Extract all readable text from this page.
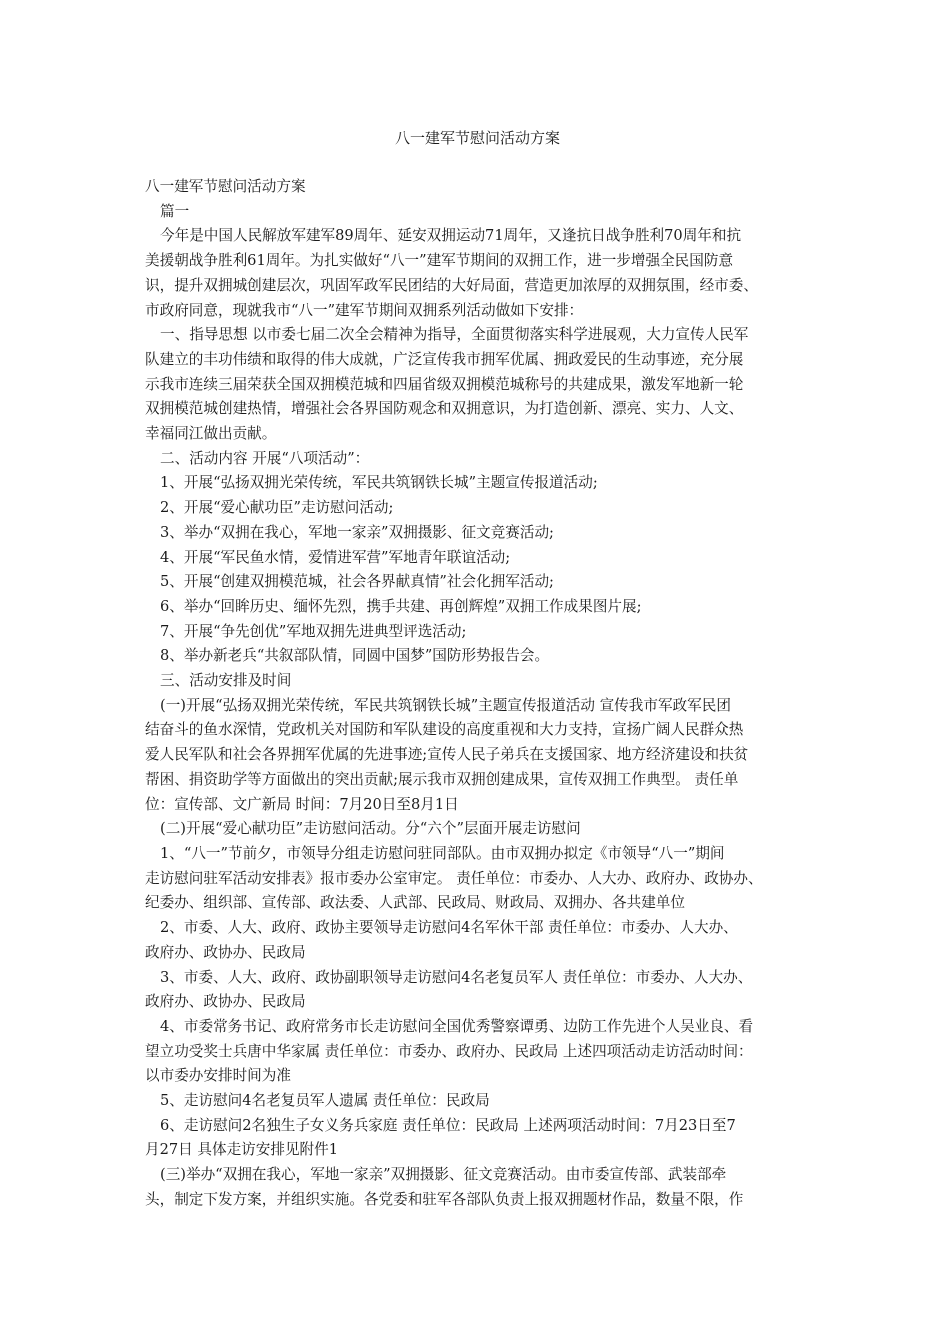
八一建军节慰问活动方案
八一建军节慰问活动方案
篇一
今年是中国人民解放军建军89周年、延安双拥运动71周年，又逢抗日战争胜利70周年和抗
美援朝战争胜利61周年。为扎实做好“八一”建军节期间的双拥工作，进一步增强全民国防意
识，提升双拥城创建层次，巩固军政军民团结的大好局面，营造更加浓厚的双拥氛围，经市委、
市政府同意，现就我市“八一”建军节期间双拥系列活动做如下安排：
一、指导思想 以市委七届二次全会精神为指导，全面贯彻落实科学进展观，大力宣传人民军
队建立的丰功伟绩和取得的伟大成就，广泛宣传我市拥军优属、拥政爱民的生动事迹，充分展
示我市连续三届荣获全国双拥模范城和四届省级双拥模范城称号的共建成果，激发军地新一轮
双拥模范城创建热情，增强社会各界国防观念和双拥意识，为打造创新、漂亮、实力、人文、
幸福同江做出贡献。
二、活动内容 开展“八项活动”：
1、开展“弘扬双拥光荣传统，军民共筑钢铁长城”主题宣传报道活动;
2、开展“爱心献功臣”走访慰问活动;
3、举办“双拥在我心，军地一家亲”双拥摄影、征文竞赛活动;
4、开展“军民鱼水情，爱情进军营”军地青年联谊活动;
5、开展“创建双拥模范城，社会各界献真情”社会化拥军活动;
6、举办“回眸历史、缅怀先烈，携手共建、再创辉煌”双拥工作成果图片展;
7、开展“争先创优”军地双拥先进典型评选活动;
8、举办新老兵“共叙部队情，同圆中国梦”国防形势报告会。
三、活动安排及时间
(一)开展“弘扬双拥光荣传统，军民共筑钢铁长城”主题宣传报道活动 宣传我市军政军民团
结奋斗的鱼水深情，党政机关对国防和军队建设的高度重视和大力支持，宣扬广阔人民群众热
爱人民军队和社会各界拥军优属的先进事迹;宣传人民子弟兵在支援国家、地方经济建设和扶贫
帮困、捐资助学等方面做出的突出贡献;展示我市双拥创建成果，宣传双拥工作典型。 责任单
位：宣传部、文广新局 时间：7月20日至8月1日
(二)开展“爱心献功臣”走访慰问活动。分“六个”层面开展走访慰问
1、“八一”节前夕，市领导分组走访慰问驻同部队。由市双拥办拟定《市领导“八一”期间
走访慰问驻军活动安排表》报市委办公室审定。 责任单位：市委办、人大办、政府办、政协办、
纪委办、组织部、宣传部、政法委、人武部、民政局、财政局、双拥办、各共建单位
2、市委、人大、政府、政协主要领导走访慰问4名军休干部 责任单位：市委办、人大办、
政府办、政协办、民政局
3、市委、人大、政府、政协副职领导走访慰问4名老复员军人 责任单位：市委办、人大办、
政府办、政协办、民政局
4、市委常务书记、政府常务市长走访慰问全国优秀警察谭勇、边防工作先进个人吴业良、看
望立功受奖士兵唐中华家属 责任单位：市委办、政府办、民政局 上述四项活动走访活动时间：
以市委办安排时间为准
5、走访慰问4名老复员军人遗属 责任单位：民政局
6、走访慰问2名独生子女义务兵家庭 责任单位：民政局 上述两项活动时间：7月23日至7
月27日 具体走访安排见附件1
(三)举办“双拥在我心，军地一家亲”双拥摄影、征文竞赛活动。由市委宣传部、武装部牵
头，制定下发方案，并组织实施。各党委和驻军各部队负责上报双拥题材作品，数量不限，作
